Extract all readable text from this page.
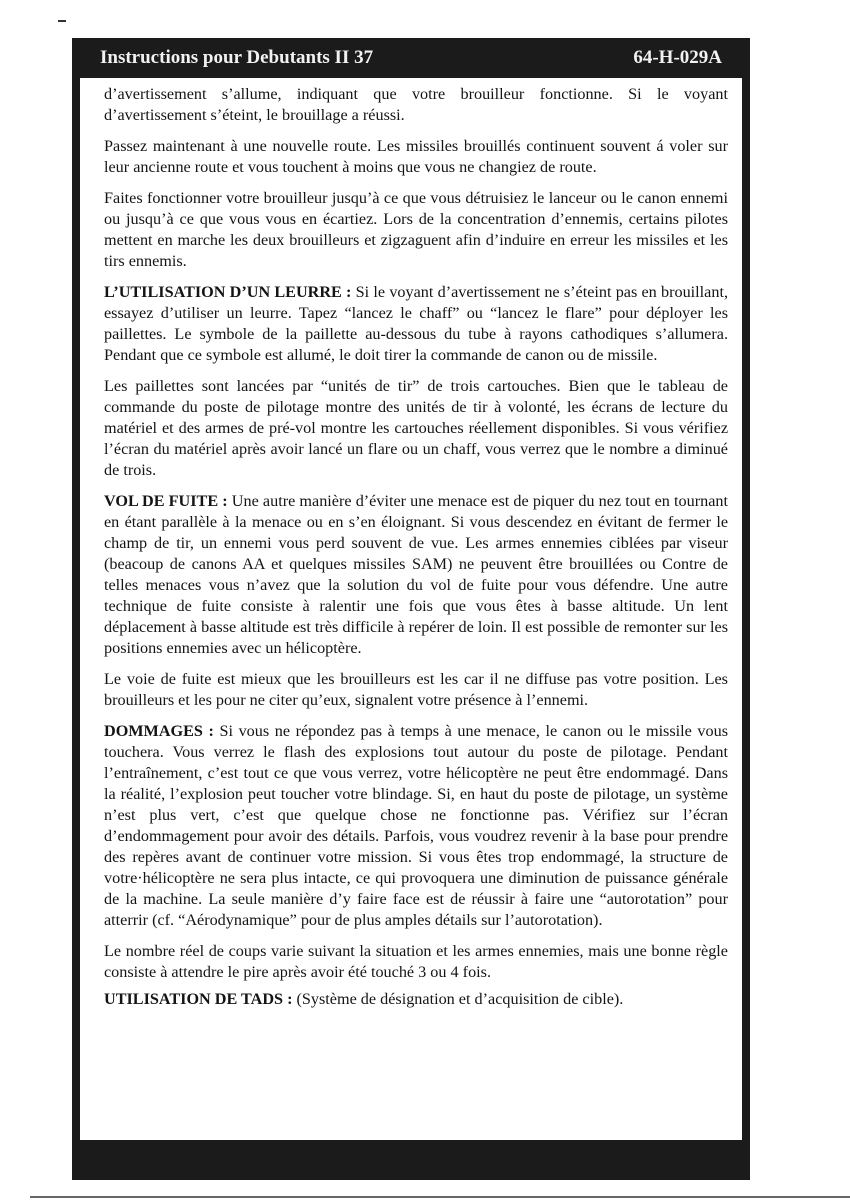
Instructions pour Debutants II 37	64-H-029A

d’avertissement s’allume, indiquant que votre brouilleur fonctionne. Si le voyant d’avertissement s’éteint, le brouillage a réussi.

Passez maintenant à une nouvelle route. Les missiles brouillés continuent souvent á voler sur leur ancienne route et vous touchent à moins que vous ne changiez de route.

Faites fonctionner votre brouilleur jusqu’à ce que vous détruisiez le lanceur ou le canon ennemi ou jusqu’à ce que vous vous en écartiez. Lors de la concentration d’ennemis, certains pilotes mettent en marche les deux brouilleurs et zigzaguent afin d’induire en erreur les missiles et les tirs ennemis.

L’UTILISATION D’UN LEURRE : Si le voyant d’avertissement ne s’éteint pas en brouillant, essayez d’utiliser un leurre. Tapez “lancez le chaff” ou “lancez le flare” pour déployer les paillettes. Le symbole de la paillette au-dessous du tube à rayons cathodiques s’allumera. Pendant que ce symbole est allumé, le doit tirer la commande de canon ou de missile.

Les paillettes sont lancées par “unités de tir” de trois cartouches. Bien que le tableau de commande du poste de pilotage montre des unités de tir à volonté, les écrans de lecture du matériel et des armes de pré-vol montre les cartouches réellement disponibles. Si vous vérifiez l’écran du matériel après avoir lancé un flare ou un chaff, vous verrez que le nombre a diminué de trois.

VOL DE FUITE : Une autre manière d’éviter une menace est de piquer du nez tout en tournant en étant parallèle à la menace ou en s’en éloignant. Si vous descendez en évitant de fermer le champ de tir, un ennemi vous perd souvent de vue. Les armes ennemies ciblées par viseur (beacoup de canons AA et quelques missiles SAM) ne peuvent être brouillées ou Contre de telles menaces vous n’avez que la solution du vol de fuite pour vous défendre. Une autre technique de fuite consiste à ralentir une fois que vous êtes à basse altitude. Un lent déplacement à basse altitude est très difficile à repérer de loin. Il est possible de remonter sur les positions ennemies avec un hélicoptère.

Le voie de fuite est mieux que les brouilleurs est les car il ne diffuse pas votre position. Les brouilleurs et les pour ne citer qu’eux, signalent votre présence à l’ennemi.

DOMMAGES : Si vous ne répondez pas à temps à une menace, le canon ou le missile vous touchera. Vous verrez le flash des explosions tout autour du poste de pilotage. Pendant l’entraînement, c’est tout ce que vous verrez, votre hélicoptère ne peut être endommagé. Dans la réalité, l’explosion peut toucher votre blindage. Si, en haut du poste de pilotage, un système n’est plus vert, c’est que quelque chose ne fonctionne pas. Vérifiez sur l’écran d’endommagement pour avoir des détails. Parfois, vous voudrez revenir à la base pour prendre des repères avant de continuer votre mission. Si vous êtes trop endommagé, la structure de votre·hélicoptère ne sera plus intacte, ce qui provoquera une diminution de puissance générale de la machine. La seule manière d’y faire face est de réussir à faire une “autorotation” pour atterrir (cf. “Aérodynamique” pour de plus amples détails sur l’autorotation).

Le nombre réel de coups varie suivant la situation et les armes ennemies, mais une bonne règle consiste à attendre le pire après avoir été touché 3 ou 4 fois.

UTILISATION DE TADS : (Système de désignation et d’acquisition de cible).
